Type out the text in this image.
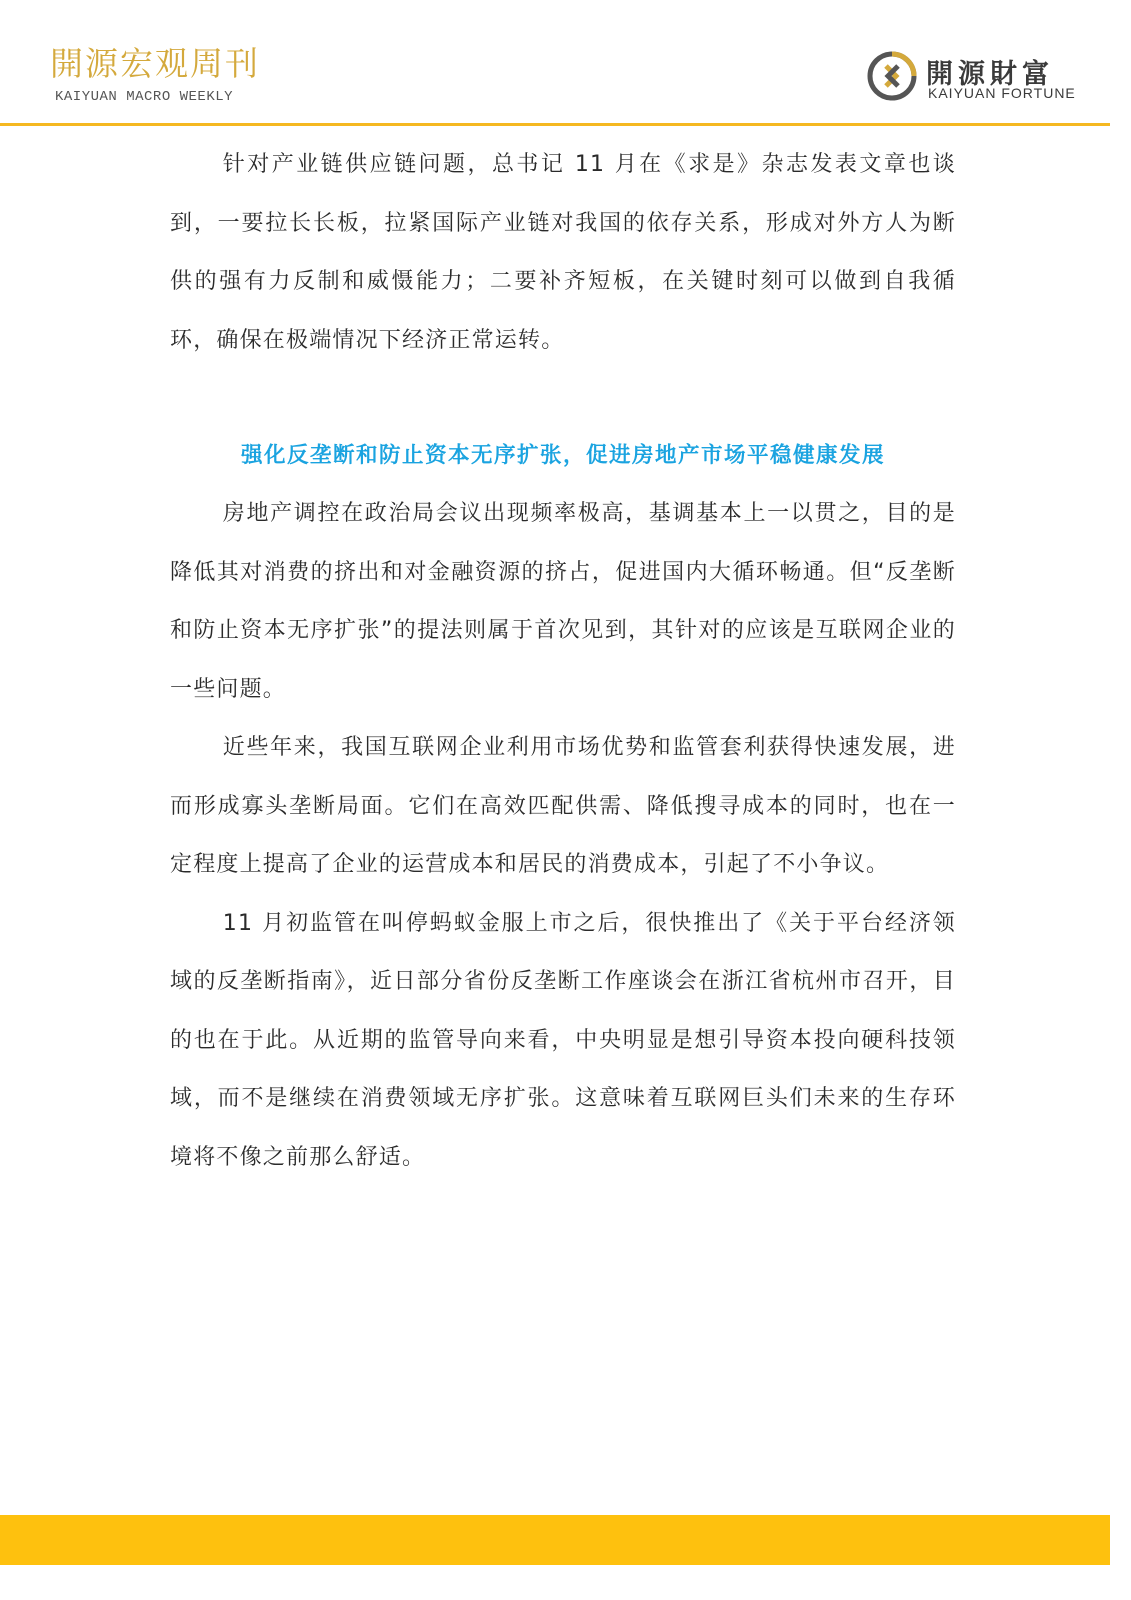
開源宏观周刊
KAIYUAN MACRO WEEKLY
開源財富
KAIYUAN FORTUNE

针对产业链供应链问题，总书记 11 月在《求是》杂志发表文章也谈到，一要拉长长板，拉紧国际产业链对我国的依存关系，形成对外方人为断供的强有力反制和威慑能力；二要补齐短板，在关键时刻可以做到自我循环，确保在极端情况下经济正常运转。

强化反垄断和防止资本无序扩张，促进房地产市场平稳健康发展

房地产调控在政治局会议出现频率极高，基调基本上一以贯之，目的是降低其对消费的挤出和对金融资源的挤占，促进国内大循环畅通。但“反垄断和防止资本无序扩张”的提法则属于首次见到，其针对的应该是互联网企业的一些问题。

近些年来，我国互联网企业利用市场优势和监管套利获得快速发展，进而形成寡头垄断局面。它们在高效匹配供需、降低搜寻成本的同时，也在一定程度上提高了企业的运营成本和居民的消费成本，引起了不小争议。

11 月初监管在叫停蚂蚁金服上市之后，很快推出了《关于平台经济领域的反垄断指南》，近日部分省份反垄断工作座谈会在浙江省杭州市召开，目的也在于此。从近期的监管导向来看，中央明显是想引导资本投向硬科技领域，而不是继续在消费领域无序扩张。这意味着互联网巨头们未来的生存环境将不像之前那么舒适。
